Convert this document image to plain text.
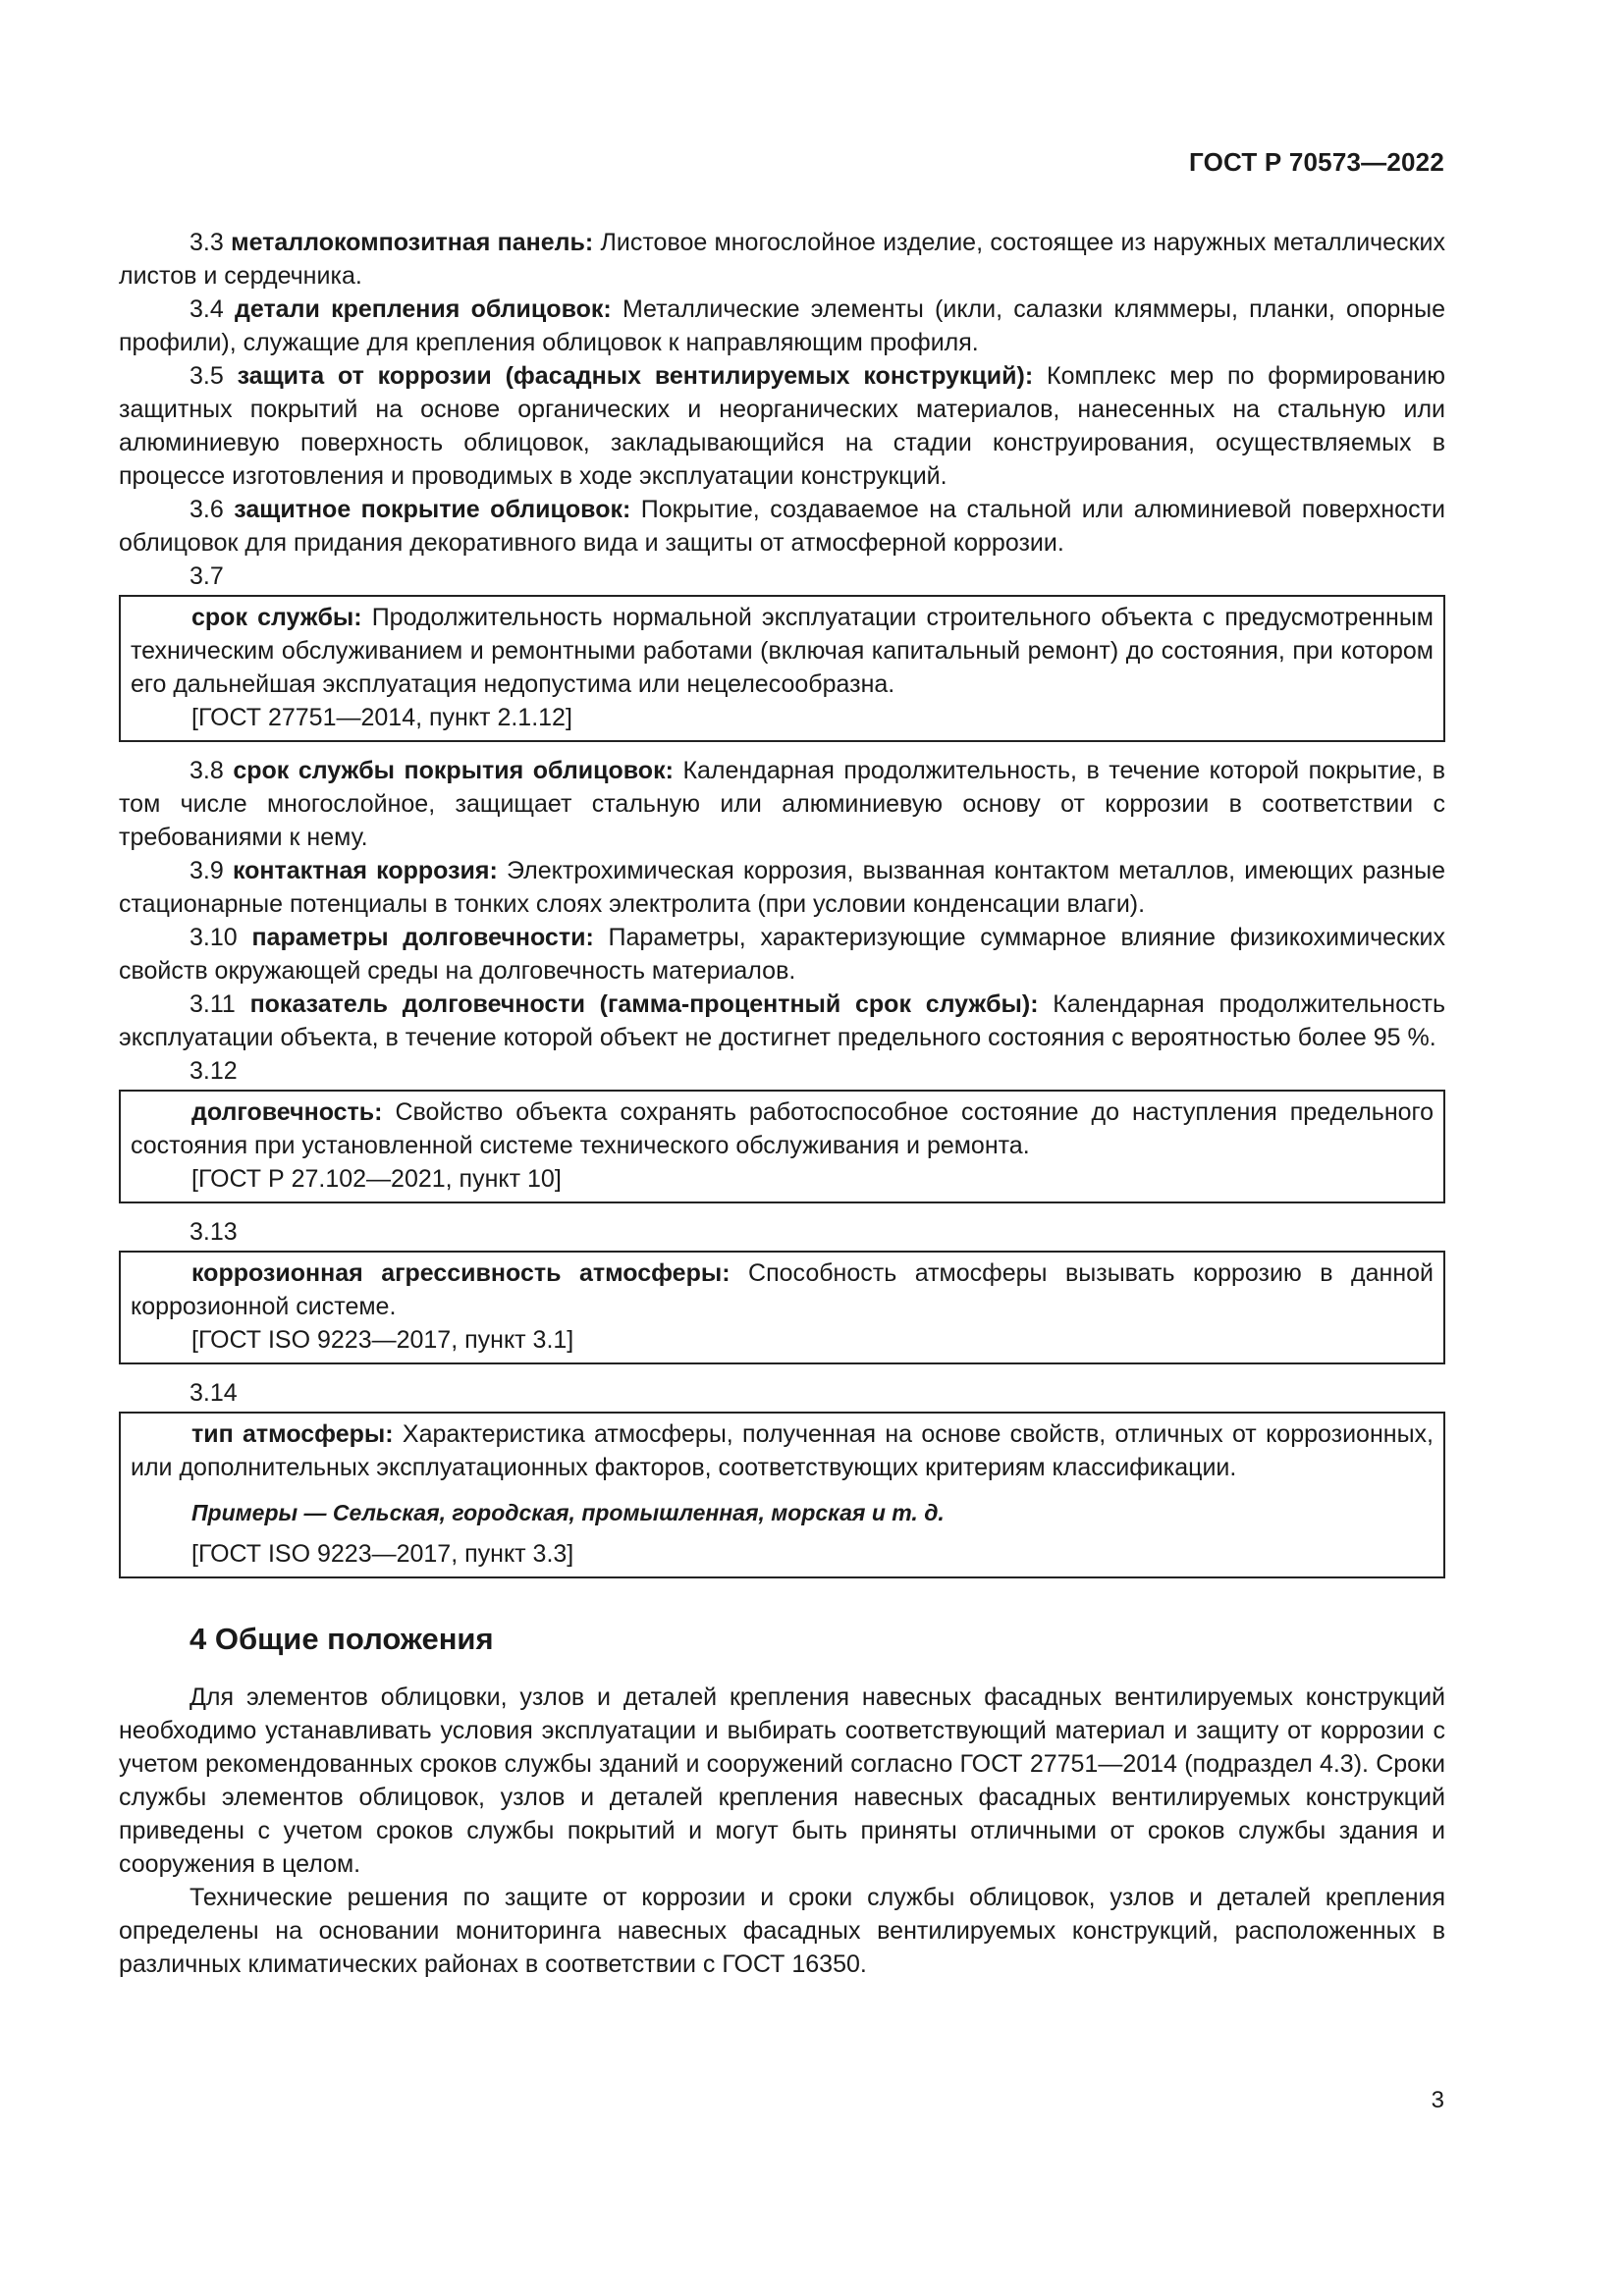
ГОСТ Р 70573—2022

3.3 металлокомпозитная панель: Листовое многослойное изделие, состоящее из наружных металлических листов и сердечника.

3.4 детали крепления облицовок: Металлические элементы (икли, салазки кляммеры, планки, опорные профили), служащие для крепления облицовок к направляющим профиля.

3.5 защита от коррозии (фасадных вентилируемых конструкций): Комплекс мер по формированию защитных покрытий на основе органических и неорганических материалов, нанесенных на стальную или алюминиевую поверхность облицовок, закладывающийся на стадии конструирования, осуществляемых в процессе изготовления и проводимых в ходе эксплуатации конструкций.

3.6 защитное покрытие облицовок: Покрытие, создаваемое на стальной или алюминиевой поверхности облицовок для придания декоративного вида и защиты от атмосферной коррозии.

3.7

срок службы: Продолжительность нормальной эксплуатации строительного объекта с предусмотренным техническим обслуживанием и ремонтными работами (включая капитальный ремонт) до состояния, при котором его дальнейшая эксплуатация недопустима или нецелесообразна.

[ГОСТ 27751—2014, пункт 2.1.12]

3.8 срок службы покрытия облицовок: Календарная продолжительность, в течение которой покрытие, в том числе многослойное, защищает стальную или алюминиевую основу от коррозии в соответствии с требованиями к нему.

3.9 контактная коррозия: Электрохимическая коррозия, вызванная контактом металлов, имеющих разные стационарные потенциалы в тонких слоях электролита (при условии конденсации влаги).

3.10 параметры долговечности: Параметры, характеризующие суммарное влияние физикохимических свойств окружающей среды на долговечность материалов.

3.11 показатель долговечности (гамма-процентный срок службы): Календарная продолжительность эксплуатации объекта, в течение которой объект не достигнет предельного состояния с вероятностью более 95 %.

3.12

долговечность: Свойство объекта сохранять работоспособное состояние до наступления предельного состояния при установленной системе технического обслуживания и ремонта.

[ГОСТ Р 27.102—2021, пункт 10]

3.13

коррозионная агрессивность атмосферы: Способность атмосферы вызывать коррозию в данной коррозионной системе.

[ГОСТ ISO 9223—2017, пункт 3.1]

3.14

тип атмосферы: Характеристика атмосферы, полученная на основе свойств, отличных от коррозионных, или дополнительных эксплуатационных факторов, соответствующих критериям классификации.

Примеры — Сельская, городская, промышленная, морская и т. д.

[ГОСТ ISO 9223—2017, пункт 3.3]

4 Общие положения

Для элементов облицовки, узлов и деталей крепления навесных фасадных вентилируемых конструкций необходимо устанавливать условия эксплуатации и выбирать соответствующий материал и защиту от коррозии с учетом рекомендованных сроков службы зданий и сооружений согласно ГОСТ 27751—2014 (подраздел 4.3). Сроки службы элементов облицовок, узлов и деталей крепления навесных фасадных вентилируемых конструкций приведены с учетом сроков службы покрытий и могут быть приняты отличными от сроков службы здания и сооружения в целом.

Технические решения по защите от коррозии и сроки службы облицовок, узлов и деталей крепления определены на основании мониторинга навесных фасадных вентилируемых конструкций, расположенных в различных климатических районах в соответствии с ГОСТ 16350.

3
